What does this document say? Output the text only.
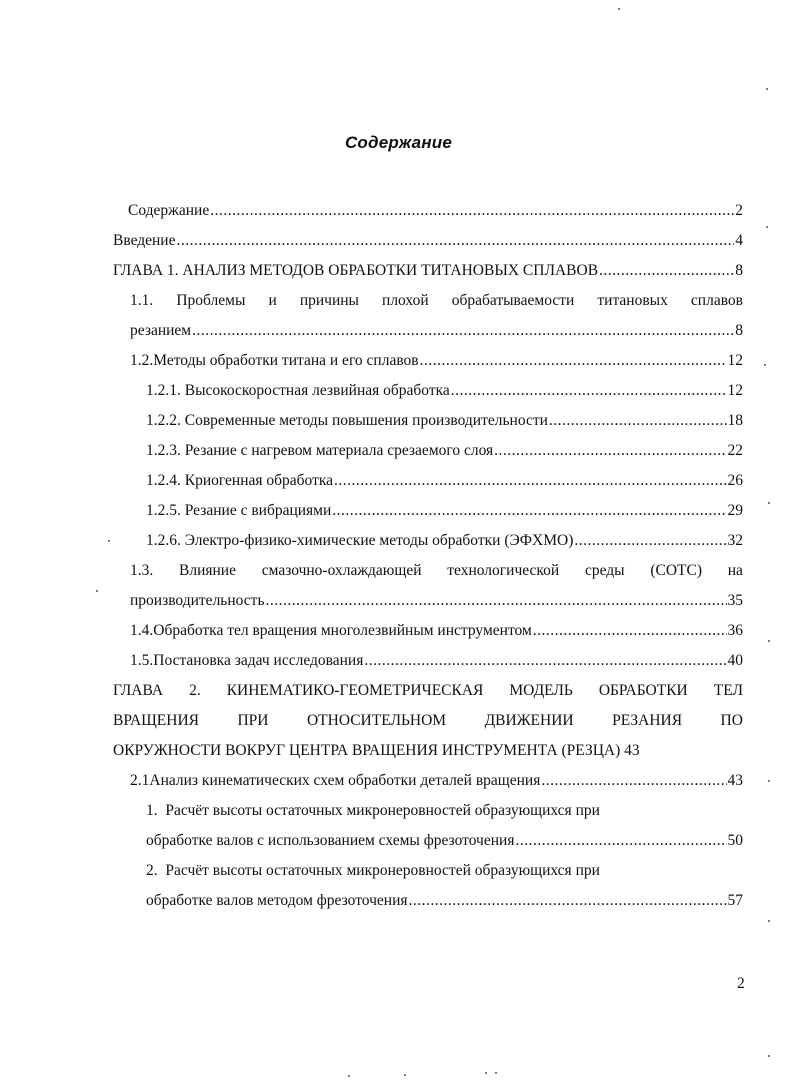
Содержание
Содержание .....	2
Введение .....	4
ГЛАВА 1. АНАЛИЗ МЕТОДОВ ОБРАБОТКИ ТИТАНОВЫХ СПЛАВОВ .....	8
1.1. Проблемы и причины плохой обрабатываемости титановых сплавов
резанием .....	8
1.2. Методы обработки титана и его сплавов .....	12
1.2.1. Высокоскоростная лезвийная обработка .....	12
1.2.2. Современные методы повышения производительности .....	18
1.2.3. Резание с нагревом материала срезаемого слоя .....	22
1.2.4. Криогенная обработка .....	26
1.2.5. Резание с вибрациями .....	29
1.2.6. Электро-физико-химические методы обработки (ЭФХМО) .....	32
1.3. Влияние смазочно-охлаждающей технологической среды (СОТС) на
производительность .....	35
1.4. Обработка тел вращения многолезвийным инструментом .....	36
1.5. Постановка задач исследования .....	40
ГЛАВА 2. КИНЕМАТИКО-ГЕОМЕТРИЧЕСКАЯ МОДЕЛЬ ОБРАБОТКИ ТЕЛ
ВРАЩЕНИЯ ПРИ ОТНОСИТЕЛЬНОМ ДВИЖЕНИИ РЕЗАНИЯ ПО
ОКРУЖНОСТИ ВОКРУГ ЦЕНТРА ВРАЩЕНИЯ ИНСТРУМЕНТА (РЕЗЦА) 43
2.1 Анализ кинематических схем обработки деталей вращения .....	43
1.  Расчёт высоты остаточных микронеровностей образующихся при
обработке валов с использованием схемы фрезоточения .....	50
2.  Расчёт высоты остаточных микронеровностей образующихся при
обработке валов методом фрезоточения .....	57
2
